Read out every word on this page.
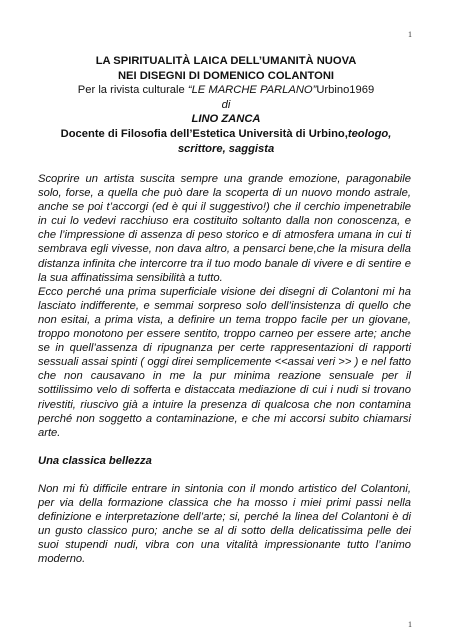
1
LA SPIRITUALITÀ LAICA DELL’UMANITÀ NUOVA
NEI DISEGNI DI DOMENICO COLANTONI
Per la rivista culturale “LE MARCHE PARLANO”Urbino1969
di
LINO ZANCA
Docente di Filosofia dell’Estetica Università di Urbino,teologo,
scrittore, saggista

Scoprire un artista suscita sempre una grande emozione, paragonabile solo, forse, a quella che può dare la scoperta di un nuovo mondo astrale, anche se poi t’accorgi (ed è qui il suggestivo!) che il cerchio impenetrabile in cui lo vedevi racchiuso era costituito soltanto dalla non conoscenza, e che l’impressione di assenza di peso storico e di atmosfera umana in cui ti sembrava egli vivesse, non dava altro, a pensarci bene,che la misura della distanza infinita che intercorre tra il tuo modo banale di vivere e di sentire e la sua affinatissima sensibilità a tutto.

Ecco perché una prima superficiale visione dei disegni di Colantoni mi ha lasciato indifferente, e semmai sorpreso solo dell’insistenza di quello che non esitai, a prima vista, a definire un tema troppo facile per un giovane, troppo monotono per essere sentito, troppo carneo per essere arte; anche se in quell’assenza di ripugnanza per certe rappresentazioni di rapporti sessuali assai spinti ( oggi direi semplicemente <<assai veri >> ) e nel fatto che non causavano in me la pur minima reazione sensuale per il sottilissimo velo di sofferta e distaccata mediazione di cui i nudi si trovano rivestiti, riuscivo già a intuire la presenza di qualcosa che non contamina perché non soggetto a contaminazione, e che mi accorsi subito chiamarsi arte.

Una classica bellezza

Non mi fù difficile entrare in sintonia con il mondo artistico del Colantoni, per via della formazione classica che ha mosso i miei primi passi nella definizione e interpretazione dell’arte; si, perché la linea del Colantoni è di un gusto classico puro; anche se al di sotto della delicatissima pelle dei suoi stupendi nudi, vibra con una vitalità impressionante tutto l’animo moderno.

1
